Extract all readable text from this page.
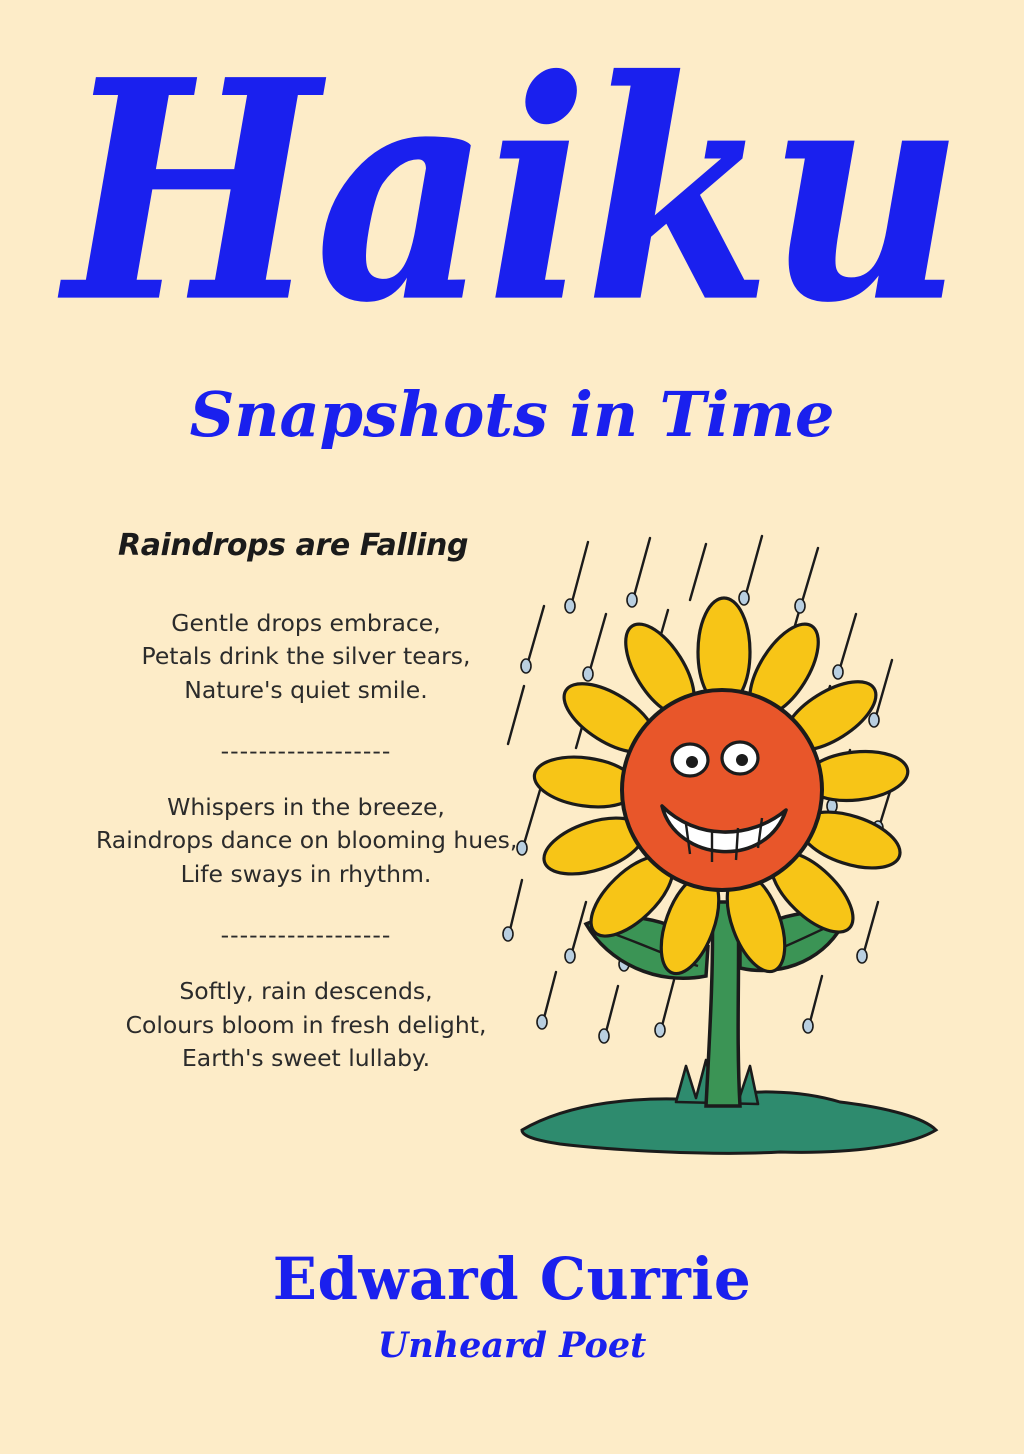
Haiku
Snapshots in Time
Raindrops are Falling
Gentle drops embrace,
Petals drink the silver tears,
Nature's quiet smile.
------------------
Whispers in the breeze,
Raindrops dance on blooming hues,
Life sways in rhythm.
------------------
Softly, rain descends,
Colours bloom in fresh delight,
Earth's sweet lullaby.
Edward Currie
Unheard Poet
